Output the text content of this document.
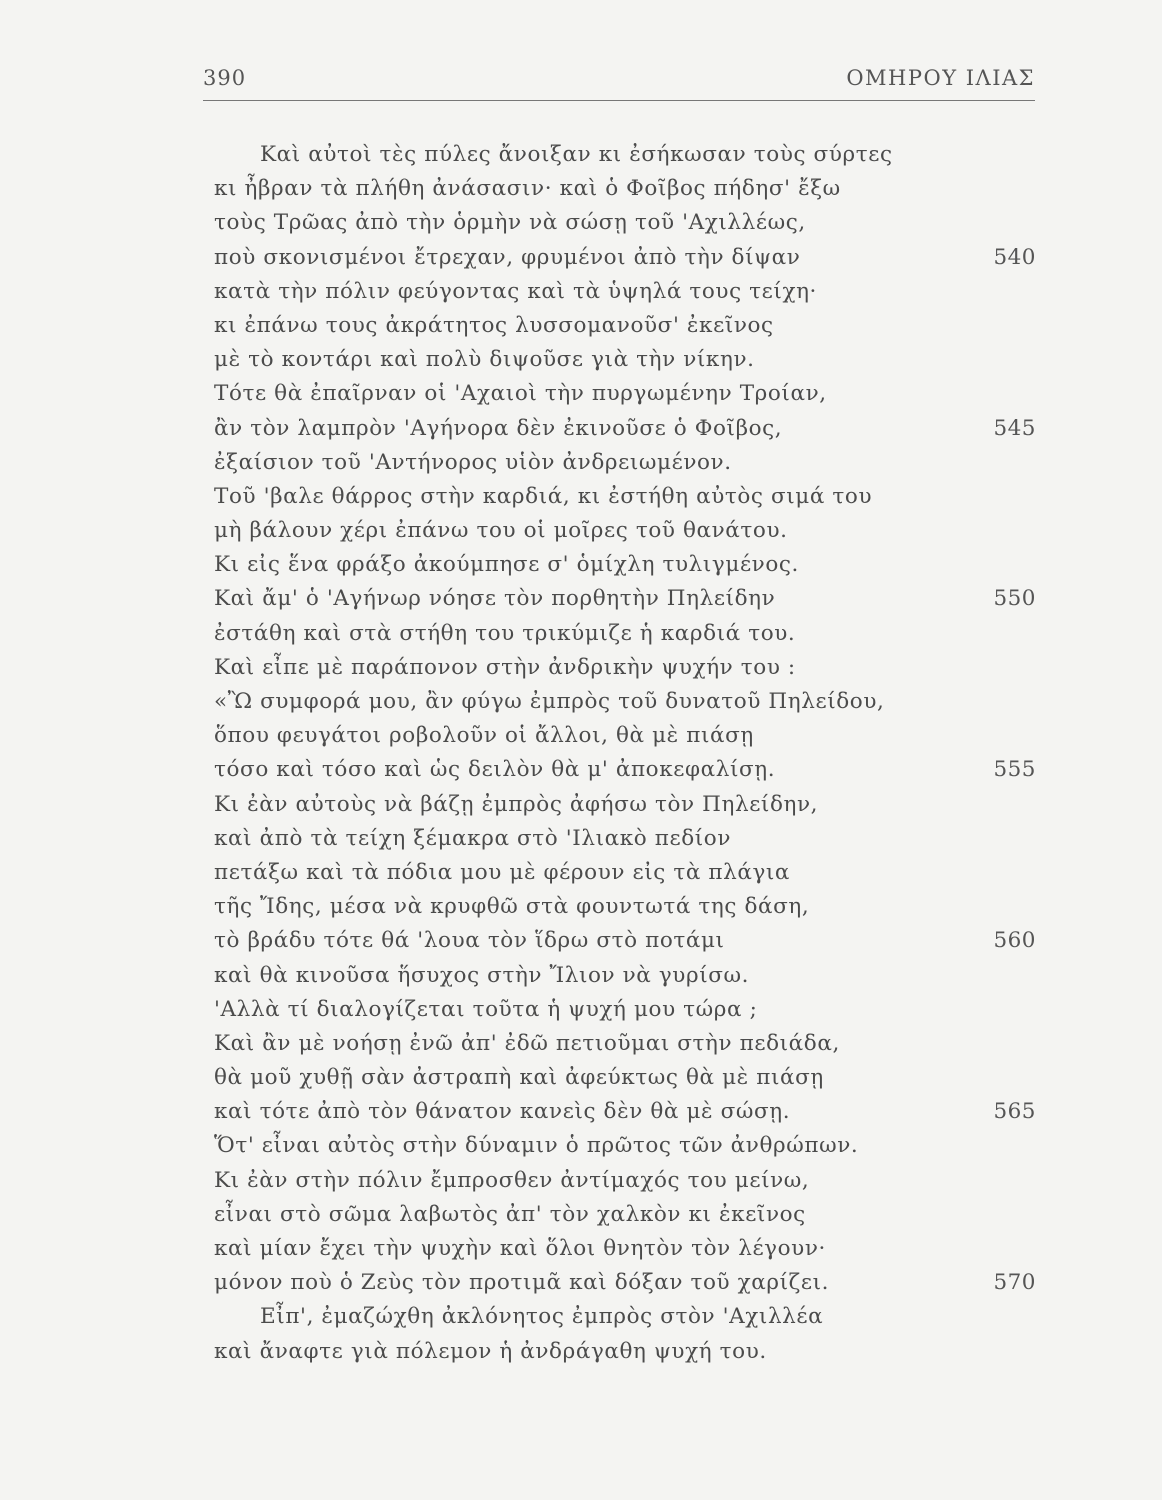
390	ΟΜΗΡΟΥ ΙΛΙΑΣ
Καὶ αὐτοὶ τὲς πύλες ἄνοιξαν κι ἐσήκωσαν τοὺς σύρτες
κι ἦβραν τὰ πλήθη ἀνάσασιν· καὶ ὁ Φοῖβος πήδησ' ἔξω
τοὺς Τρῶας ἀπὸ τὴν ὁρμὴν νὰ σώσῃ τοῦ 'Αχιλλέως,
ποὺ σκονισμένοι ἔτρεχαν, φρυμένοι ἀπὸ τὴν δίψαν	540
κατὰ τὴν πόλιν φεύγοντας καὶ τὰ ὑψηλά τους τείχη·
κι ἐπάνω τους ἀκράτητος λυσσομανοῦσ' ἐκεῖνος
μὲ τὸ κοντάρι καὶ πολὺ διψοῦσε γιὰ τὴν νίκην.
Τότε θὰ ἐπαῖρναν οἱ 'Αχαιοὶ τὴν πυργωμένην Τροίαν,
ἂν τὸν λαμπρὸν 'Αγήνορα δὲν ἐκινοῦσε ὁ Φοῖβος,	545
ἐξαίσιον τοῦ 'Αντήνορος υἱὸν ἀνδρειωμένον.
Τοῦ 'βαλε θάρρος στὴν καρδιά, κι ἐστήθη αὐτὸς σιμά του
μὴ βάλουν χέρι ἐπάνω του οἱ μοῖρες τοῦ θανάτου.
Κι εἰς ἕνα φράξο ἀκούμπησε σ' ὁμίχλη τυλιγμένος.
Καὶ ἄμ' ὁ 'Αγήνωρ νόησε τὸν πορθητὴν Πηλείδην	550
ἐστάθη καὶ στὰ στήθη του τρικύμιζε ἡ καρδιά του.
Καὶ εἶπε μὲ παράπονον στὴν ἀνδρικὴν ψυχήν του :
«Ὢ συμφορά μου, ἂν φύγω ἐμπρὸς τοῦ δυνατοῦ Πηλείδου,
ὅπου φευγάτοι ροβολοῦν οἱ ἄλλοι, θὰ μὲ πιάσῃ
τόσο καὶ τόσο καὶ ὡς δειλὸν θὰ μ' ἀποκεφαλίσῃ.	555
Κι ἐὰν αὐτοὺς νὰ βάζῃ ἐμπρὸς ἀφήσω τὸν Πηλείδην,
καὶ ἀπὸ τὰ τείχη ξέμακρα στὸ 'Ιλιακὸ πεδίον
πετάξω καὶ τὰ πόδια μου μὲ φέρουν εἰς τὰ πλάγια
τῆς Ἴδης, μέσα νὰ κρυφθῶ στὰ φουντωτά της δάση,
τὸ βράδυ τότε θά 'λουα τὸν ἵδρω στὸ ποτάμι	560
καὶ θὰ κινοῦσα ἥσυχος στὴν Ἴλιον νὰ γυρίσω.
'Αλλὰ τί διαλογίζεται τοῦτα ἡ ψυχή μου τώρα ;
Καὶ ἂν μὲ νοήσῃ ἐνῶ ἀπ' ἐδῶ πετιοῦμαι στὴν πεδιάδα,
θὰ μοῦ χυθῇ σὰν ἀστραπὴ καὶ ἀφεύκτως θὰ μὲ πιάσῃ
καὶ τότε ἀπὸ τὸν θάνατον κανεὶς δὲν θὰ μὲ σώσῃ.	565
Ὅτ' εἶναι αὐτὸς στὴν δύναμιν ὁ πρῶτος τῶν ἀνθρώπων.
Κι ἐὰν στὴν πόλιν ἔμπροσθεν ἀντίμαχός του μείνω,
εἶναι στὸ σῶμα λαβωτὸς ἀπ' τὸν χαλκὸν κι ἐκεῖνος
καὶ μίαν ἔχει τὴν ψυχὴν καὶ ὅλοι θνητὸν τὸν λέγουν·
μόνον ποὺ ὁ Ζεὺς τὸν προτιμᾶ καὶ δόξαν τοῦ χαρίζει.	570
Εἶπ', ἐμαζώχθη ἀκλόνητος ἐμπρὸς στὸν 'Αχιλλέα
καὶ ἄναφτε γιὰ πόλεμον ἡ ἀνδράγαθη ψυχή του.
